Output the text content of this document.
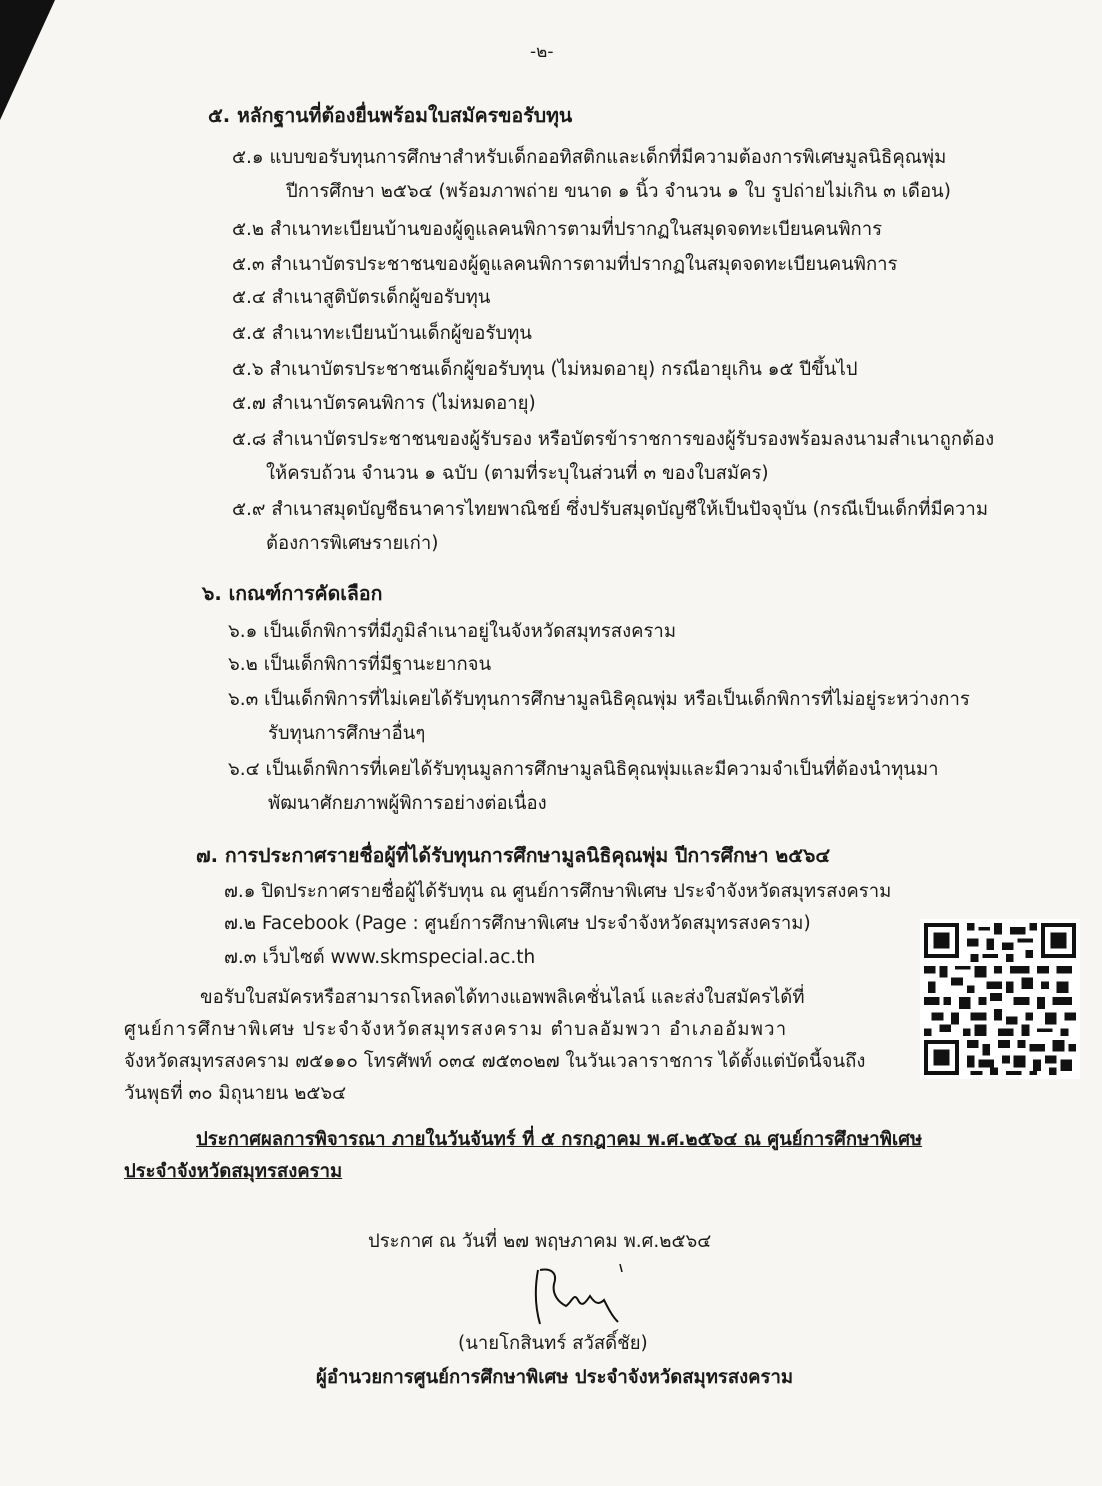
-๒-
๕. หลักฐานที่ต้องยื่นพร้อมใบสมัครขอรับทุน
๕.๑ แบบขอรับทุนการศึกษาสำหรับเด็กออทิสติกและเด็กที่มีความต้องการพิเศษมูลนิธิคุณพุ่ม
ปีการศึกษา ๒๕๖๔ (พร้อมภาพถ่าย ขนาด ๑ นิ้ว จำนวน ๑ ใบ รูปถ่ายไม่เกิน ๓ เดือน)
๕.๒ สำเนาทะเบียนบ้านของผู้ดูแลคนพิการตามที่ปรากฏในสมุดจดทะเบียนคนพิการ
๕.๓ สำเนาบัตรประชาชนของผู้ดูแลคนพิการตามที่ปรากฏในสมุดจดทะเบียนคนพิการ
๕.๔ สำเนาสูติบัตรเด็กผู้ขอรับทุน
๕.๕ สำเนาทะเบียนบ้านเด็กผู้ขอรับทุน
๕.๖ สำเนาบัตรประชาชนเด็กผู้ขอรับทุน (ไม่หมดอายุ) กรณีอายุเกิน ๑๕ ปีขึ้นไป
๕.๗ สำเนาบัตรคนพิการ (ไม่หมดอายุ)
๕.๘ สำเนาบัตรประชาชนของผู้รับรอง หรือบัตรข้าราชการของผู้รับรองพร้อมลงนามสำเนาถูกต้อง
ให้ครบถ้วน จำนวน ๑ ฉบับ (ตามที่ระบุในส่วนที่ ๓ ของใบสมัคร)
๕.๙ สำเนาสมุดบัญชีธนาคารไทยพาณิชย์ ซึ่งปรับสมุดบัญชีให้เป็นปัจจุบัน (กรณีเป็นเด็กที่มีความ
ต้องการพิเศษรายเก่า)
๖. เกณฑ์การคัดเลือก
๖.๑ เป็นเด็กพิการที่มีภูมิลำเนาอยู่ในจังหวัดสมุทรสงคราม
๖.๒ เป็นเด็กพิการที่มีฐานะยากจน
๖.๓ เป็นเด็กพิการที่ไม่เคยได้รับทุนการศึกษามูลนิธิคุณพุ่ม หรือเป็นเด็กพิการที่ไม่อยู่ระหว่างการ
รับทุนการศึกษาอื่นๆ
๖.๔ เป็นเด็กพิการที่เคยได้รับทุนมูลการศึกษามูลนิธิคุณพุ่มและมีความจำเป็นที่ต้องนำทุนมา
พัฒนาศักยภาพผู้พิการอย่างต่อเนื่อง
๗. การประกาศรายชื่อผู้ที่ได้รับทุนการศึกษามูลนิธิคุณพุ่ม ปีการศึกษา ๒๕๖๔
๗.๑ ปิดประกาศรายชื่อผู้ได้รับทุน ณ ศูนย์การศึกษาพิเศษ ประจำจังหวัดสมุทรสงคราม
๗.๒ Facebook (Page : ศูนย์การศึกษาพิเศษ ประจำจังหวัดสมุทรสงคราม)
๗.๓ เว็บไซต์ www.skmspecial.ac.th
ขอรับใบสมัครหรือสามารถโหลดได้ทางแอพพลิเคชั่นไลน์ และส่งใบสมัครได้ที่
ศูนย์การศึกษาพิเศษ ประจำจังหวัดสมุทรสงคราม ตำบลอัมพวา อำเภออัมพวา
จังหวัดสมุทรสงคราม ๗๕๑๑๐ โทรศัพท์ ๐๓๔ ๗๕๓๐๒๗ ในวันเวลาราชการ ได้ตั้งแต่บัดนี้จนถึง
วันพุธที่ ๓๐ มิถุนายน ๒๕๖๔
ประกาศผลการพิจารณา ภายในวันจันทร์ ที่ ๕ กรกฎาคม พ.ศ.๒๕๖๔ ณ ศูนย์การศึกษาพิเศษ
ประจำจังหวัดสมุทรสงคราม
ประกาศ ณ วันที่ ๒๗ พฤษภาคม พ.ศ.๒๕๖๔
(นายโกสินทร์ สวัสดิ์ชัย)
ผู้อำนวยการศูนย์การศึกษาพิเศษ ประจำจังหวัดสมุทรสงคราม
